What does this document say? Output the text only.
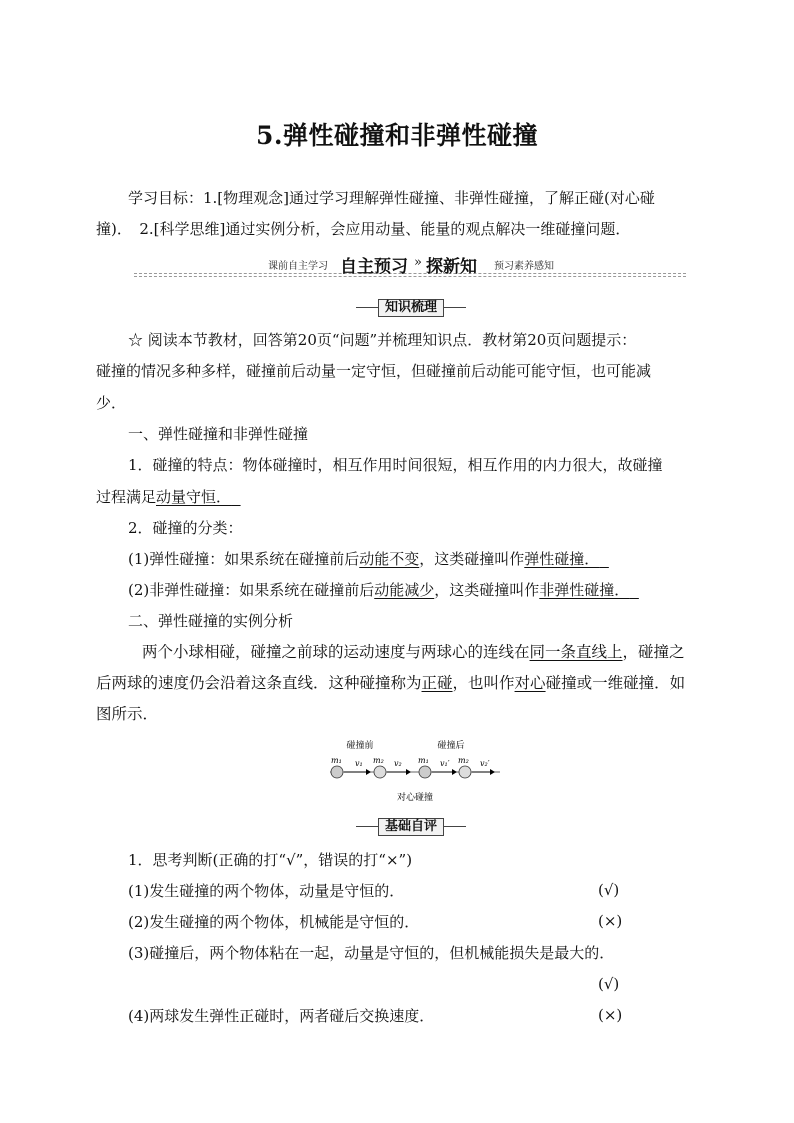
5.弹性碰撞和非弹性碰撞
学习目标：1.[物理观念]通过学习理解弹性碰撞、非弹性碰撞，了解正碰(对心碰
撞)．　2.[科学思维]通过实例分析，会应用动量、能量的观点解决一维碰撞问题．
课前自主学习 自主预习 » 探新知 预习素养感知
知识梳理
☆ 阅读本节教材，回答第20页“问题”并梳理知识点．教材第20页问题提示：
碰撞的情况多种多样，碰撞前后动量一定守恒，但碰撞前后动能可能守恒，也可能减
少．
一、弹性碰撞和非弹性碰撞
1．碰撞的特点：物体碰撞时，相互作用时间很短，相互作用的内力很大，故碰撞
过程满足动量守恒．
2．碰撞的分类：
(1)弹性碰撞：如果系统在碰撞前后动能不变，这类碰撞叫作弹性碰撞．
(2)非弹性碰撞：如果系统在碰撞前后动能减少，这类碰撞叫作非弹性碰撞．
二、弹性碰撞的实例分析
两个小球相碰，碰撞之前球的运动速度与两球心的连线在同一条直线上，碰撞之
后两球的速度仍会沿着这条直线．这种碰撞称为正碰，也叫作对心碰撞或一维碰撞．如
图所示．
碰撞前	碰撞后
m₁ v₁ m₂ v₂ m₁ v₁′ m₂ v₂′
对心碰撞
基础自评
1．思考判断(正确的打“√”，错误的打“×”)
(1)发生碰撞的两个物体，动量是守恒的．	(√)
(2)发生碰撞的两个物体，机械能是守恒的．	(×)
(3)碰撞后，两个物体粘在一起，动量是守恒的，但机械能损失是最大的．
(√)
(4)两球发生弹性正碰时，两者碰后交换速度．	(×)
